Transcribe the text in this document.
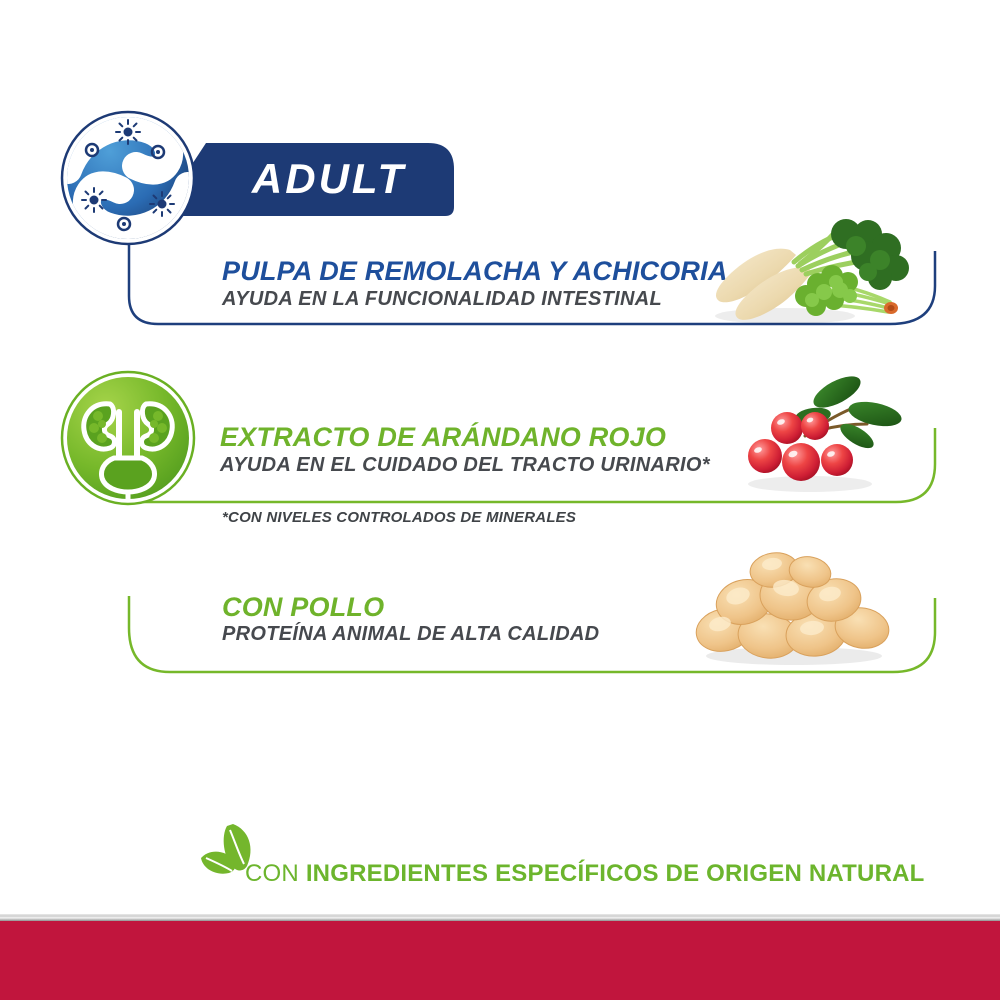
ADULT
PULPA DE REMOLACHA Y ACHICORIA
AYUDA EN LA FUNCIONALIDAD INTESTINAL
EXTRACTO DE ARÁNDANO ROJO
AYUDA EN EL CUIDADO DEL TRACTO URINARIO*
*CON NIVELES CONTROLADOS DE MINERALES
CON POLLO
PROTEÍNA ANIMAL DE ALTA CALIDAD
CON INGREDIENTES ESPECÍFICOS DE ORIGEN NATURAL
